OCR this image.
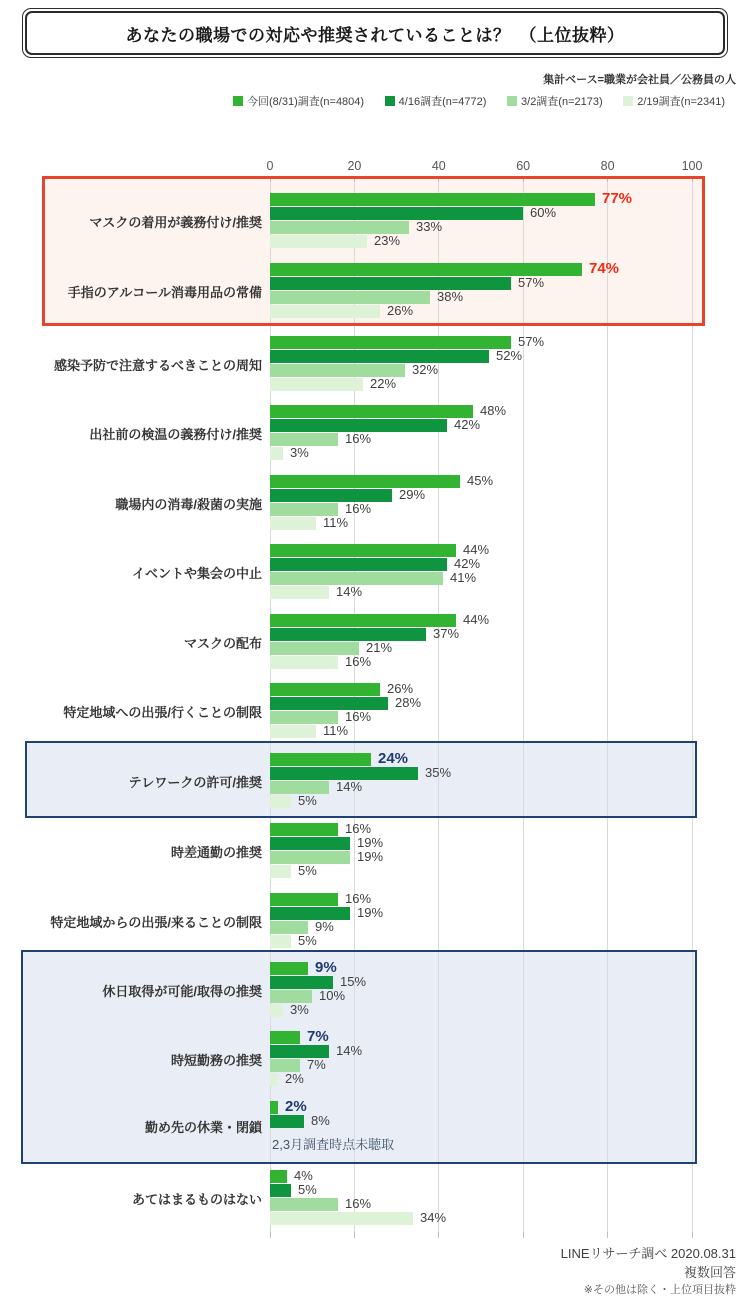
あなたの職場での対応や推奨されていることは？　（上位抜粋）
集計ベース=職業が会社員／公務員の人
今回(8/31)調査(n=4804)	4/16調査(n=4772)	3/2調査(n=2173)	2/19調査(n=2341)
0	20	40	60	80	100
マスクの着用が義務付け/推奨
77%
60%
33%
23%
手指のアルコール消毒用品の常備
74%
57%
38%
26%
感染予防で注意するべきことの周知
57%
52%
32%
22%
出社前の検温の義務付け/推奨
48%
42%
16%
3%
職場内の消毒/殺菌の実施
45%
29%
16%
11%
イベントや集会の中止
44%
42%
41%
14%
マスクの配布
44%
37%
21%
16%
特定地域への出張/行くことの制限
26%
28%
16%
11%
テレワークの許可/推奨
24%
35%
14%
5%
時差通勤の推奨
16%
19%
19%
5%
特定地域からの出張/来ることの制限
16%
19%
9%
5%
休日取得が可能/取得の推奨
9%
15%
10%
3%
時短勤務の推奨
7%
14%
7%
2%
勤め先の休業・閉鎖
2%
8%
2,3月調査時点未聴取
あてはまるものはない
4%
5%
16%
34%
LINEリサーチ調べ 2020.08.31
複数回答
※その他は除く・上位項目抜粋
